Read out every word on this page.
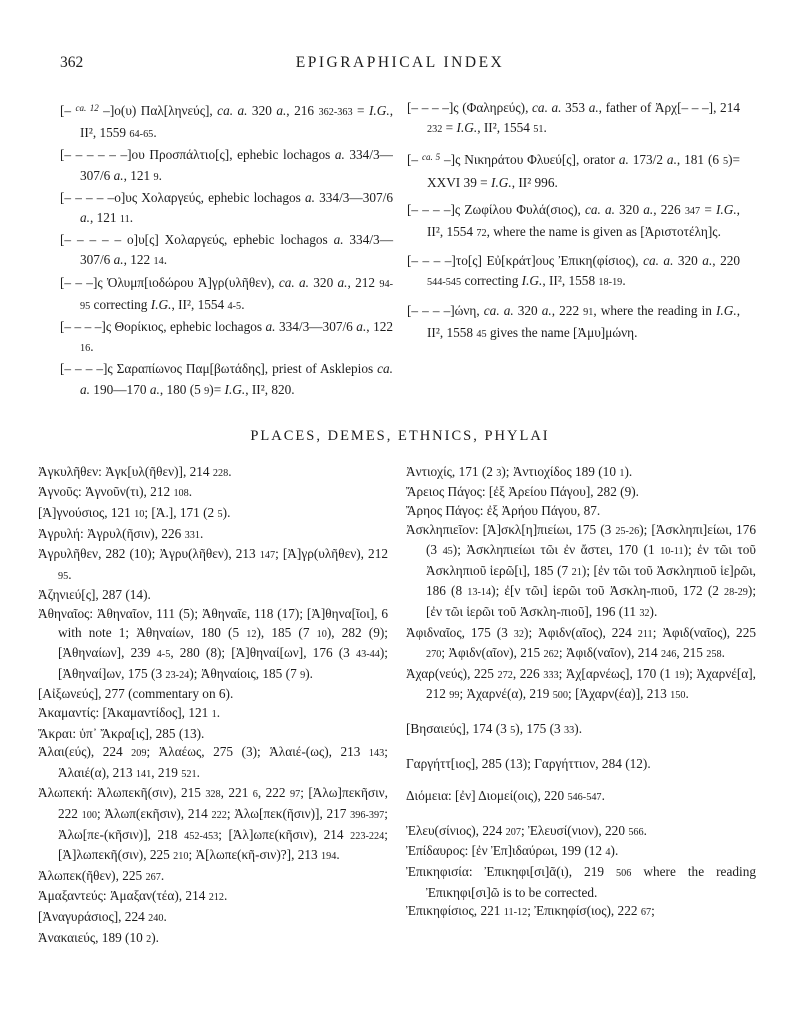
362	EPIGRAPHICAL INDEX

[– $^{ca. 12}$ –]ο(υ) Παλ[ληνεύς], ca. a. 320 a., 216 362-363 = I.G., II², 1559 64-65.

[– – – – – –]ου Προσπάλτιο[ς], ephebic lochagos a. 334/3—307/6 a., 121 9.

[– – – – –ο]υς Χολαργεύς, ephebic lochagos a. 334/3—307/6 a., 121 11.

[– – – – – ο]υ[ς] Χολαργεύς, ephebic lochagos a. 334/3—307/6 a., 122 14.

[– – –]ς Ὀλυμπ[ιοδώρου Ἀ]γρ(υλῆθεν), ca. a. 320 a., 212 94-95 correcting I.G., II², 1554 4-5.

[– – – –]ς Θορίκιος, ephebic lochagos a. 334/3—307/6 a., 122 16.

[– – – –]ς Σαραπίωνος Παμ[βωτάδης], priest of Asklepios ca. a. 190—170 a., 180 (5 9)= I.G., II², 820.

[– – – –]ς (Φαληρεύς), ca. a. 353 a., father of Ἀρχ[– – –], 214 232 = I.G., II², 1554 51.

[– $^{ca. 5}$ –]ς Νικηράτου Φλυεύ[ς], orator a. 173/2 a., 181 (6 5)= XXVI 39 = I.G., II² 996.

[– – – –]ς Ζωφίλου Φυλά(σιος), ca. a. 320 a., 226 347 = I.G., II², 1554 72, where the name is given as [Ἀριστοτέλη]ς.

[– – – –]το[ς] Εὐ[κράτ]ους Ἐπικη(φίσιος), ca. a. 320 a., 220 544-545 correcting I.G., II², 1558 18-19.

[– – – –]ώνη, ca. a. 320 a., 222 91, where the reading in I.G., II², 1558 45 gives the name [Ἀμυ]μώνη.

PLACES, DEMES, ETHNICS, PHYLAI

Ἀγκυλῆθεν: Ἀγκ[υλ(ῆθεν)], 214 228.

Ἁγνοῦς: Ἁγνοῦν(τι), 212 108.

[Ἁ]γνούσιος, 121 10; [Ἁ.], 171 (2 5).

Ἀγρυλή: Ἀγρυλ(ῆσιν), 226 331.

Ἀγρυλῆθεν, 282 (10); Ἀγρυ(λῆθεν), 213 147; [Ἀ]γρ(υλῆθεν), 212 95.

Ἀζηνιεύ[ς], 287 (14).

Ἀθηναῖος: Ἀθηναῖον, 111 (5); Ἀθηναῖε, 118 (17); [Ἀ]θηνα[ῖοι], 6 with note 1; Ἀθηναίων, 180 (5 12), 185 (7 10), 282 (9); [Ἀθηναίων], 239 4-5, 280 (8); [Ἀ]θηναί[ων], 176 (3 43-44); [Ἀθηναί]ων, 175 (3 23-24); Ἀθηναίοις, 185 (7 9).

[Αἰξωνεύς], 277 (commentary on 6).

Ἀκαμαντίς: [Ἀκαμαντίδος], 121 1.

Ἄκραι: ὑπ᾽ Ἄκρα[ις], 285 (13).

Ἁλαι(εύς), 224 209; Ἁλαέως, 275 (3); Ἁλαιέ-(ως), 213 143; Ἁλαιέ(α), 213 141, 219 521.

Ἀλωπεκή: Ἀλωπεκῆ(σιν), 215 328, 221 6, 222 97; [Ἀλω]πεκῆσιν, 222 100; Ἀλωπ(εκῆσιν), 214 222; Ἀλω[πεκ(ῆσιν)], 217 396-397; Ἀλω[πε-(κῆσιν)], 218 452-453; [Ἀλ]ωπε(κῆσιν), 214 223-224; [Ἀ]λωπεκῆ(σιν), 225 210; Ἀ[λωπε(κῆ-σιν)?], 213 194.

Ἀλωπεκ(ῆθεν), 225 267.

Ἁμαξαντεύς: Ἁμαξαν(τέα), 214 212.

[Ἀναγυράσιος], 224 240.

Ἀνακαιεύς, 189 (10 2).

Ἀντιοχίς, 171 (2 3); Ἀντιοχίδος 189 (10 1).

Ἄρειος Πάγος: [ἐξ Ἀρείου Πάγου], 282 (9).

Ἄρηος Πάγος: ἐξ Ἀρήου Πάγου, 87.

Ἀσκληπιεῖον: [Ἀ]σκλ[η]πιείωι, 175 (3 25-26); [Ἀσκληπι]είωι, 176 (3 45); Ἀσκληπιείωι τῶι ἐν ἄστει, 170 (1 10-11); ἐν τῶι τοῦ Ἀσκληπιοῦ ἱερῶ[ι], 185 (7 21); [ἐν τῶι τοῦ Ἀσκληπιοῦ ἱε]ρῶι, 186 (8 13-14); ἐ[ν τῶι] ἱερῶι τοῦ Ἀσκλη-πιοῦ, 172 (2 28-29); [ἐν τῶι ἱερῶι τοῦ Ἀσκλη-πιοῦ], 196 (11 32).

Ἀφιδναῖος, 175 (3 32); Ἀφιδν(αῖος), 224 211; Ἀφιδ(ναῖος), 225 270; Ἀφιδν(αῖον), 215 262; Ἀφιδ(ναῖον), 214 246, 215 258.

Ἀχαρ(νεύς), 225 272, 226 333; Ἀχ[αρνέως], 170 (1 19); Ἀχαρνέ[α], 212 99; Ἀχαρνέ(α), 219 500; [Ἀχαρν(έα)], 213 150.

[Βησαιεύς], 174 (3 5), 175 (3 33).

Γαργήττ[ιος], 285 (13); Γαργήττιον, 284 (12).

Διόμεια: [ἐν] Διομεί(οις), 220 546-547.

Ἐλευ(σίνιος), 224 207; Ἐλευσί(νιον), 220 566.

Ἐπίδαυρος: [ἐν Ἐπ]ιδαύρωι, 199 (12 4).

Ἐπικηφισία: Ἐπικηφι[σι]ᾶ(ι), 219 506 where the reading Ἐπικηφι[σι]ῶ is to be corrected.

Ἐπικηφίσιος, 221 11-12; Ἐπικηφίσ(ιος), 222 67;
